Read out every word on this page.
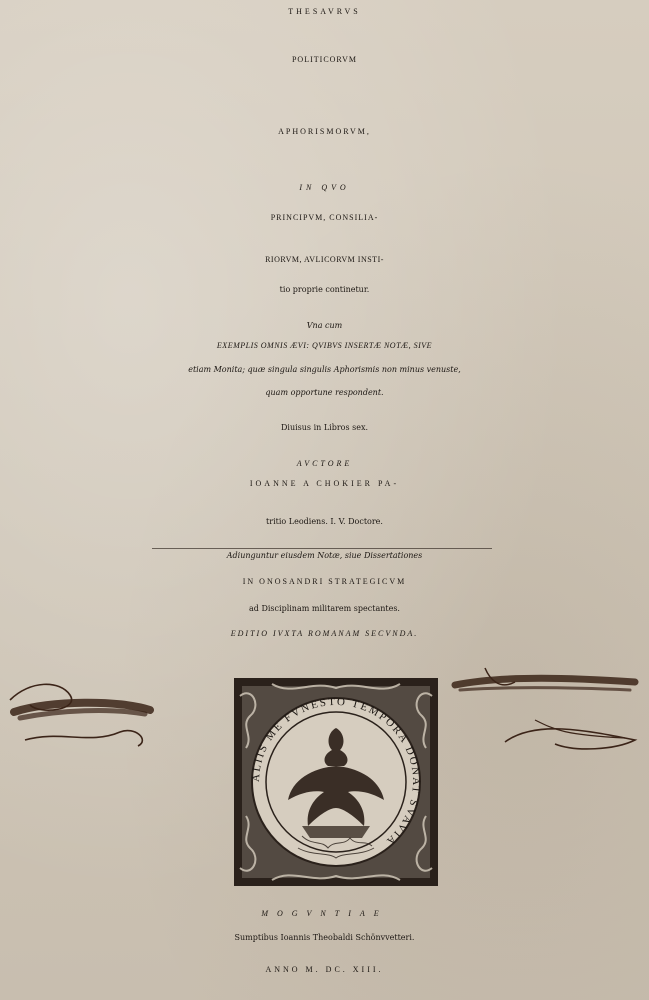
THESAVRVS
POLITICORVM
APHORISMORVM,
IN QVO
PRINCIPVM, CONSILIA-
RIORVM, AVLICORVM INSTI-
tio proprie continetur.
Vna cum
EXEMPLIS OMNIS ÆVI: QVIBVS INSERTÆ NOTÆ, SIVE
etiam Monita; quæ singula singulis Aphorismis non minus venuste,
quam opportune respondent.
Diuisus in Libros sex.
AVCTORE
IOANNE A CHOKIER PA-
tritio Leodiens. I. V. Doctore.
Adiunguntur eiusdem Notæ, siue Dissertationes
IN ONOSANDRI STRATEGICVM
ad Disciplinam militarem spectantes.
EDITIO IVXTA ROMANAM SECVNDA.
ALIIS ME FVNESTO TEMPORA DONAT SVAVIA
MOGVNTIAE
Sumptibus Ioannis Theobaldi Schönvvetteri.
ANNO M. DC. XIII.
